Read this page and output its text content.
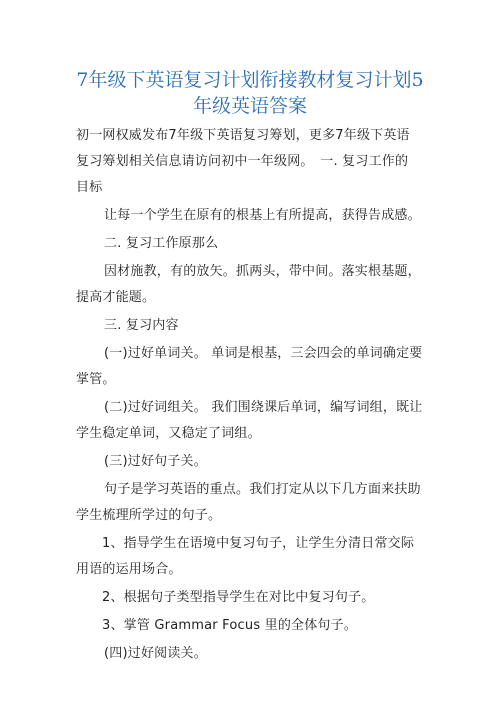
7年级下英语复习计划衔接教材复习计划5
年级英语答案
初一网权威发布7年级下英语复习筹划，更多7年级下英语
复习筹划相关信息请访问初中一年级网。　一. 复习工作的
目标
让每一个学生在原有的根基上有所提高，获得告成感。
二. 复习工作原那么
因材施教，有的放矢。抓两头，带中间。落实根基题，
提高才能题。
三. 复习内容
(一)过好单词关。 单词是根基，三会四会的单词确定要
掌管。
(二)过好词组关。 我们围绕课后单词，编写词组，既让
学生稳定单词，又稳定了词组。
(三)过好句子关。
句子是学习英语的重点。我们打定从以下几方面来扶助
学生梳理所学过的句子。
1、指导学生在语境中复习句子，让学生分清日常交际
用语的运用场合。
2、根据句子类型指导学生在对比中复习句子。
3、掌管 Grammar Focus 里的全体句子。
(四)过好阅读关。
